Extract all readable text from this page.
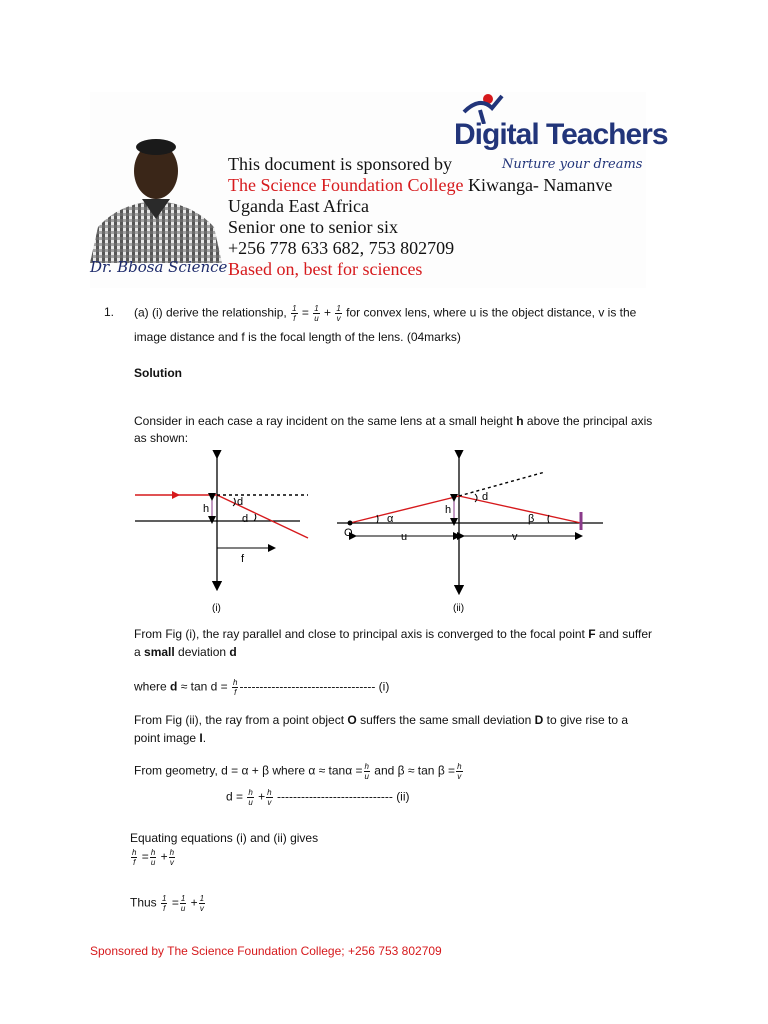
Dr. Bbosa Science
This document is sponsored by
The Science Foundation College Kiwanga- Namanve
Uganda East Africa
Senior one to senior six
+256 778 633 682, 753 802709
Based on, best for sciences
Digital Teachers
Nurture your dreams
1. (a) (i) derive the relationship, $\frac{1}{f} = \frac{1}{u} + \frac{1}{v}$ for convex lens, where u is the object distance, v is the
image distance and f is the focal length of the lens. (04marks)
Solution
Consider in each case a ray incident on the same lens at a small height h above the principal axis
as shown:
h
d
d
f
(i)
α	β
d
h
O	u	v
(ii)
From Fig (i), the ray parallel and close to principal axis is converged to the focal point F and suffer
a small deviation d
where $d \approx \tan d = \frac{h}{f}$ ---------------------------------- (i)
From Fig (ii), the ray from a point object O suffers the same small deviation D to give rise to a
point image I.
From geometry, d = α + β where $\alpha \approx \tan\alpha = \frac{h}{u}$ and $\beta \approx \tan \beta = \frac{h}{v}$
$d = \frac{h}{u} + \frac{h}{v}$ ----------------------------- (ii)
Equating equations (i) and (ii) gives
$\frac{h}{f} = \frac{h}{u} + \frac{h}{v}$
Thus $\frac{1}{f} = \frac{1}{u} + \frac{1}{v}$
Sponsored by The Science Foundation College; +256 753 802709
